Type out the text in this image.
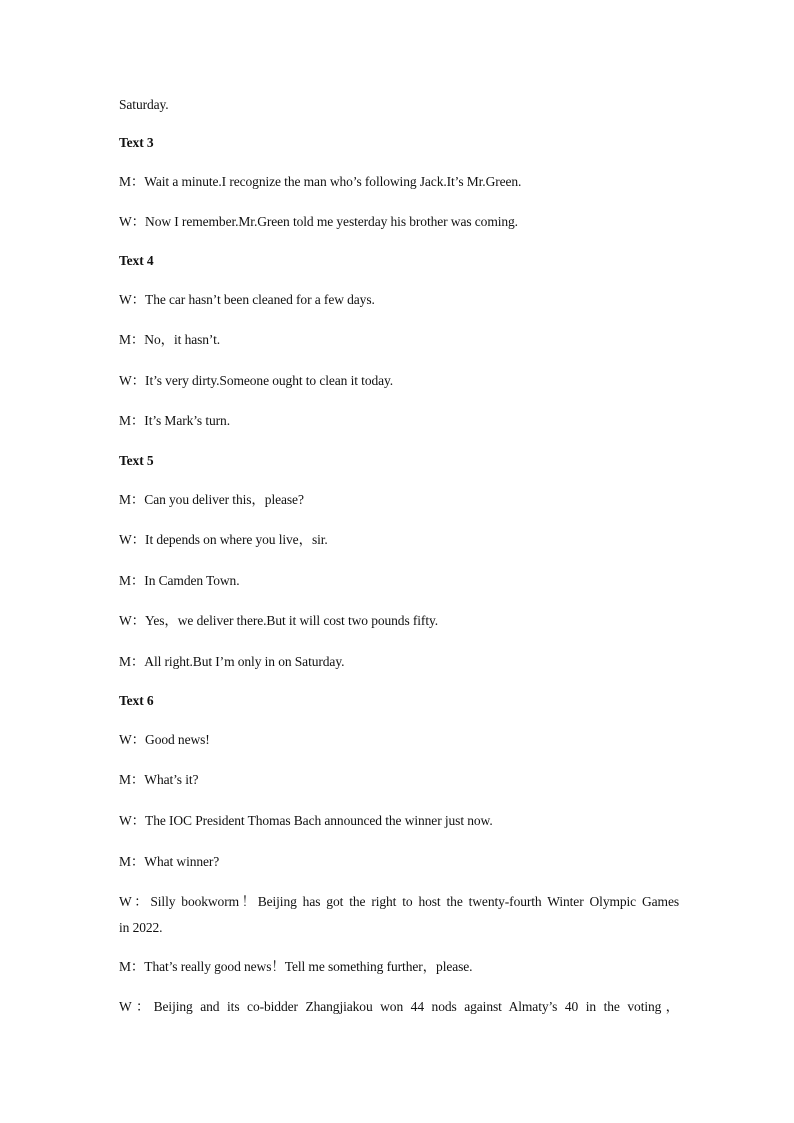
Saturday.
Text 3
M：Wait a minute.I recognize the man who’s following Jack.It’s Mr.Green.
W：Now I remember.Mr.Green told me yesterday his brother was coming.
Text 4
W：The car hasn’t been cleaned for a few days.
M：No，it hasn’t.
W：It’s very dirty.Someone ought to clean it today.
M：It’s Mark’s turn.
Text 5
M：Can you deliver this，please?
W：It depends on where you live，sir.
M：In Camden Town.
W：Yes，we deliver there.But it will cost two pounds fifty.
M：All right.But I’m only in on Saturday.
Text 6
W：Good news!
M：What’s it?
W：The IOC President Thomas Bach announced the winner just now.
M：What winner?
W：Silly bookworm！Beijing has got the right to host the twenty-fourth Winter Olympic Games
in 2022.
M：That’s really good news！Tell me something further，please.
W：Beijing and its co-bidder Zhangjiakou won 44 nods against Almaty’s 40 in the voting，
